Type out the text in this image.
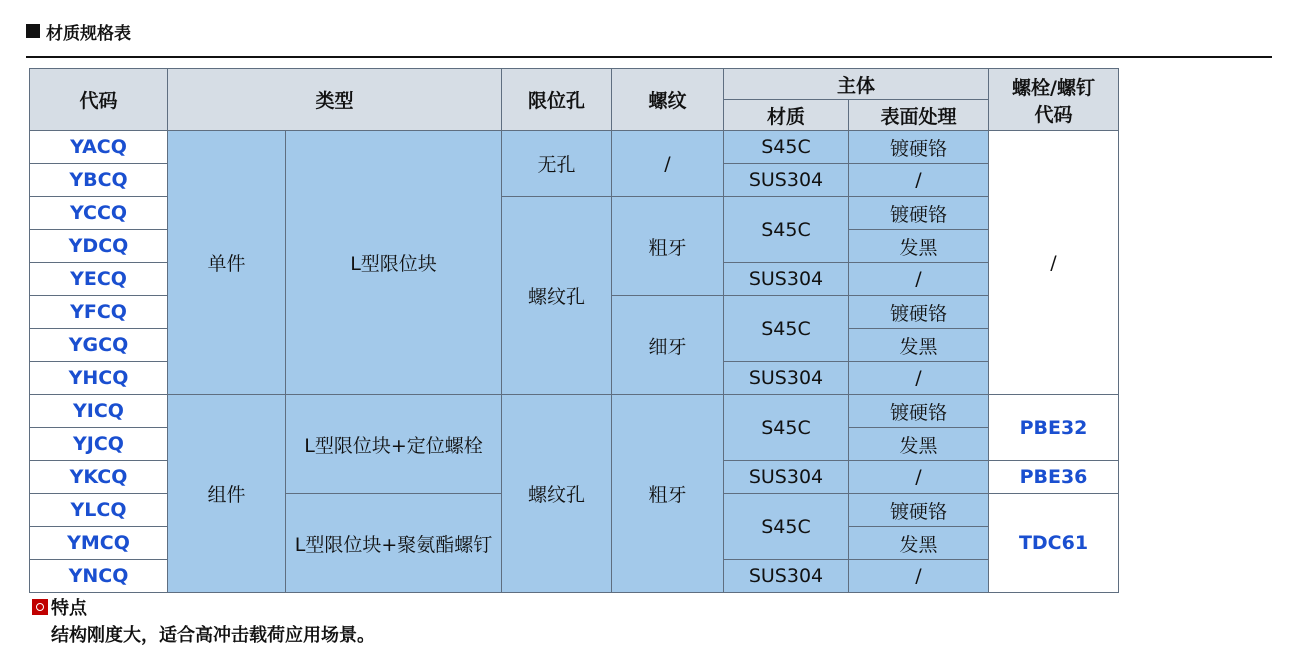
材质规格表
代码	类型		限位孔	螺纹	主体		螺栓/螺钉
代码

					材质	表面处理	
YACQ	单件	L型限位块	无孔	/	S45C	镀硬铬	/
YBCQ					SUS304	/	
YCCQ			螺纹孔	粗牙	S45C	镀硬铬	
YDCQ						发黑	
YECQ					SUS304	/	
YFCQ				细牙	S45C	镀硬铬	
YGCQ						发黑	
YHCQ					SUS304	/	
YICQ	组件	L型限位块+定位螺栓	螺纹孔	粗牙	S45C	镀硬铬	PBE32
YJCQ						发黑	
YKCQ					SUS304	/	PBE36
YLCQ		L型限位块+聚氨酯螺钉			S45C	镀硬铬	TDC61
YMCQ						发黑	
YNCQ					SUS304	/	
特点
结构刚度大，适合高冲击载荷应用场景。
